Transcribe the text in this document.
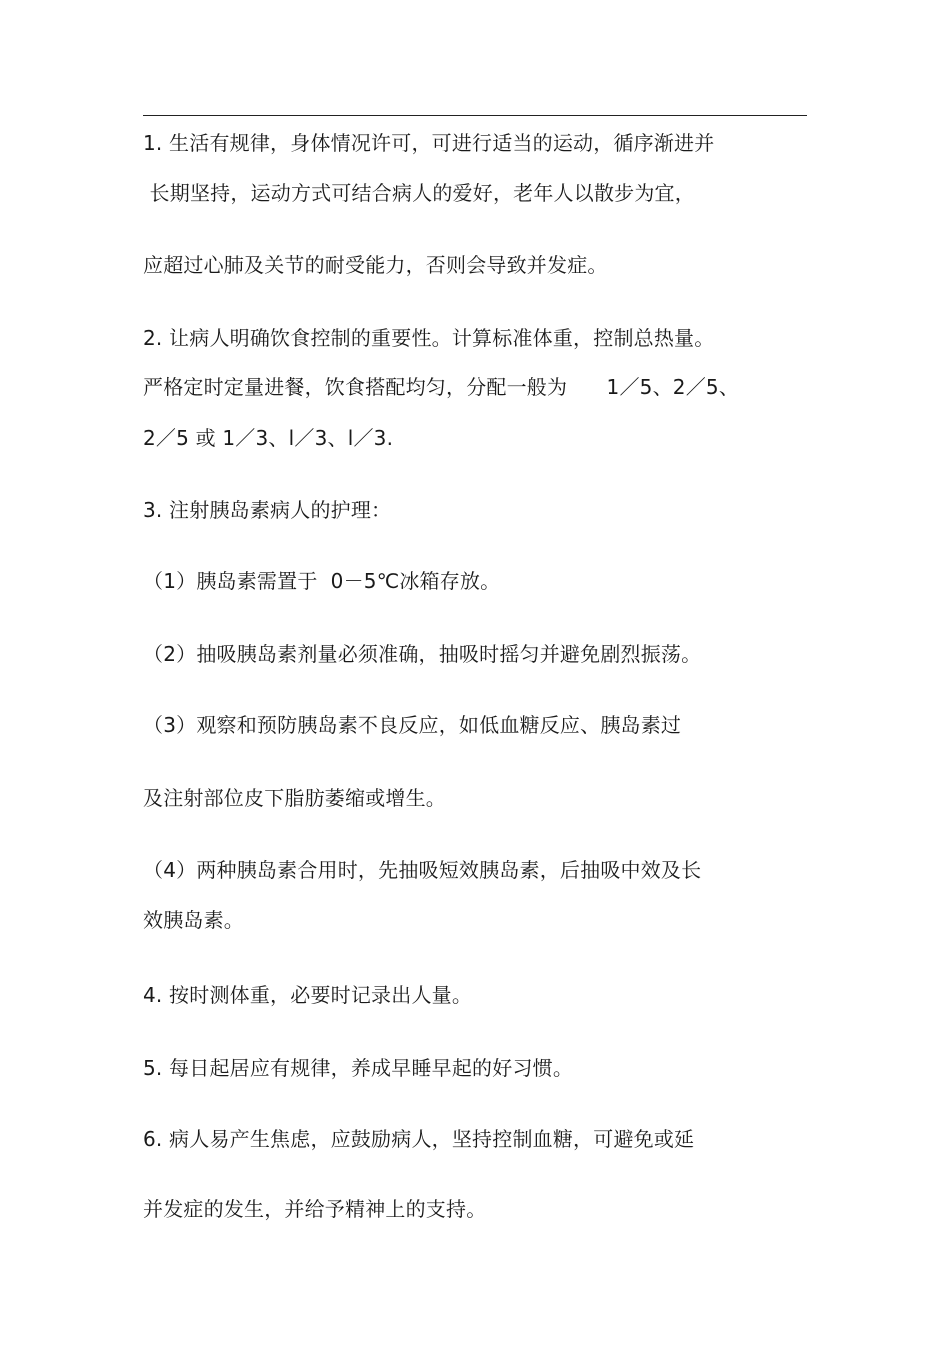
1. 生活有规律，身体情况许可，可进行适当的运动，循序渐进并
长期坚持，运动方式可结合病人的爱好，老年人以散步为宜，
应超过心肺及关节的耐受能力，否则会导致并发症。
2. 让病人明确饮食控制的重要性。计算标准体重，控制总热量。
严格定时定量进餐，饮食搭配均匀，分配一般为      1／5、2／5、
2／5 或 1／3、l／3、l／3.
3. 注射胰岛素病人的护理：
（1）胰岛素需置于  0－5℃冰箱存放。
（2）抽吸胰岛素剂量必须准确，抽吸时摇匀并避免剧烈振荡。
（3）观察和预防胰岛素不良反应，如低血糖反应、胰岛素过
及注射部位皮下脂肪萎缩或增生。
（4）两种胰岛素合用时，先抽吸短效胰岛素，后抽吸中效及长
效胰岛素。
4. 按时测体重，必要时记录出人量。
5. 每日起居应有规律，养成早睡早起的好习惯。
6. 病人易产生焦虑，应鼓励病人，坚持控制血糖，可避免或延
并发症的发生，并给予精神上的支持。
